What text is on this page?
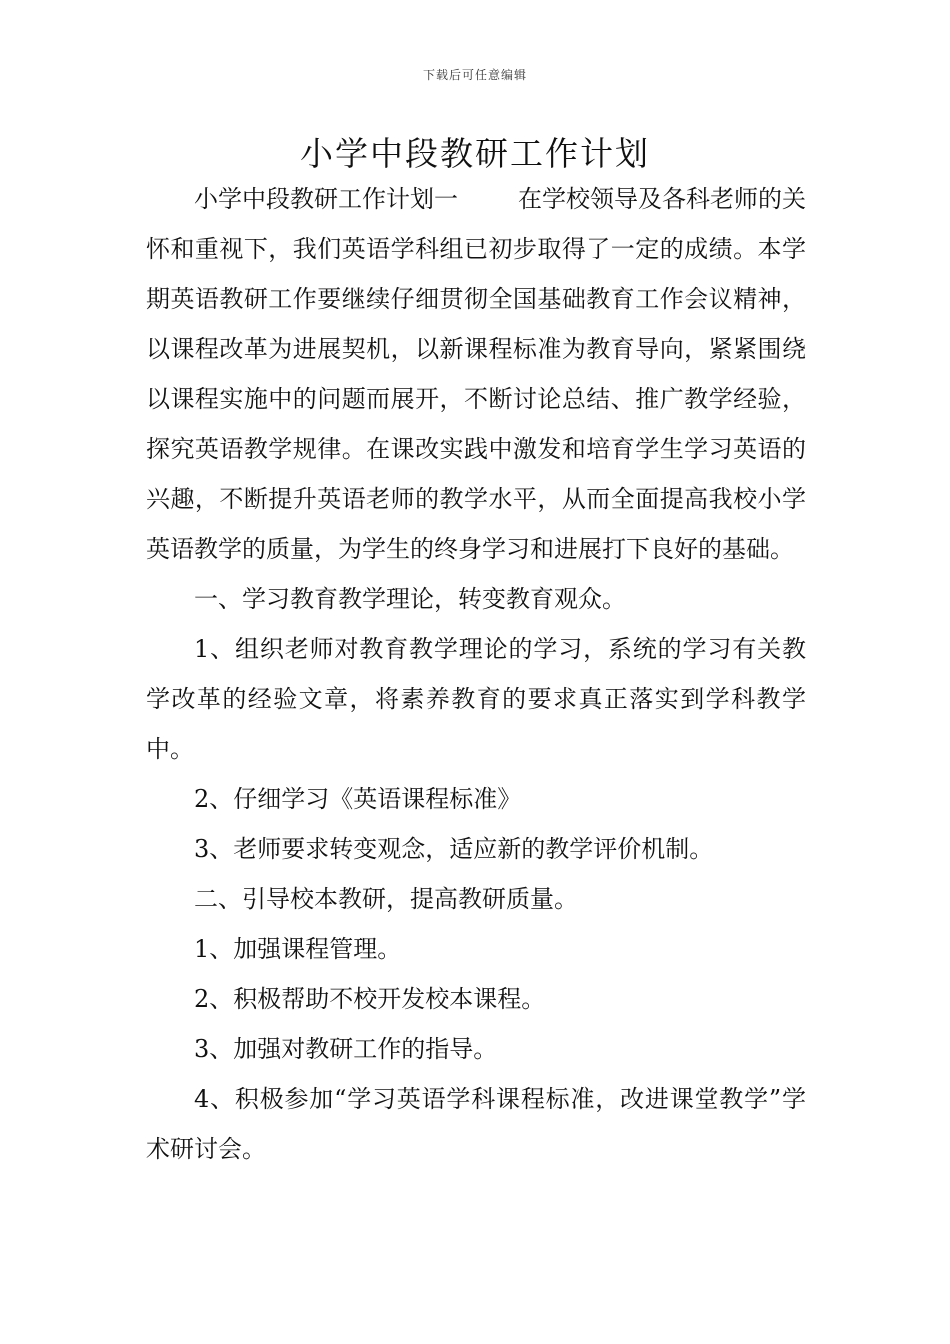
下载后可任意编辑
小学中段教研工作计划

小学中段教研工作计划一	在学校领导及各科老师的关怀和重视下，我们英语学科组已初步取得了一定的成绩。本学期英语教研工作要继续仔细贯彻全国基础教育工作会议精神，以课程改革为进展契机，以新课程标准为教育导向，紧紧围绕以课程实施中的问题而展开，不断讨论总结、推广教学经验，探究英语教学规律。在课改实践中激发和培育学生学习英语的兴趣，不断提升英语老师的教学水平，从而全面提高我校小学英语教学的质量，为学生的终身学习和进展打下良好的基础。

一、学习教育教学理论，转变教育观众。

1、组织老师对教育教学理论的学习，系统的学习有关教学改革的经验文章，将素养教育的要求真正落实到学科教学中。

2、仔细学习《英语课程标准》

3、老师要求转变观念，适应新的教学评价机制。

二、引导校本教研，提高教研质量。

1、加强课程管理。

2、积极帮助不校开发校本课程。

3、加强对教研工作的指导。

4、积极参加“学习英语学科课程标准，改进课堂教学”学术研讨会。
